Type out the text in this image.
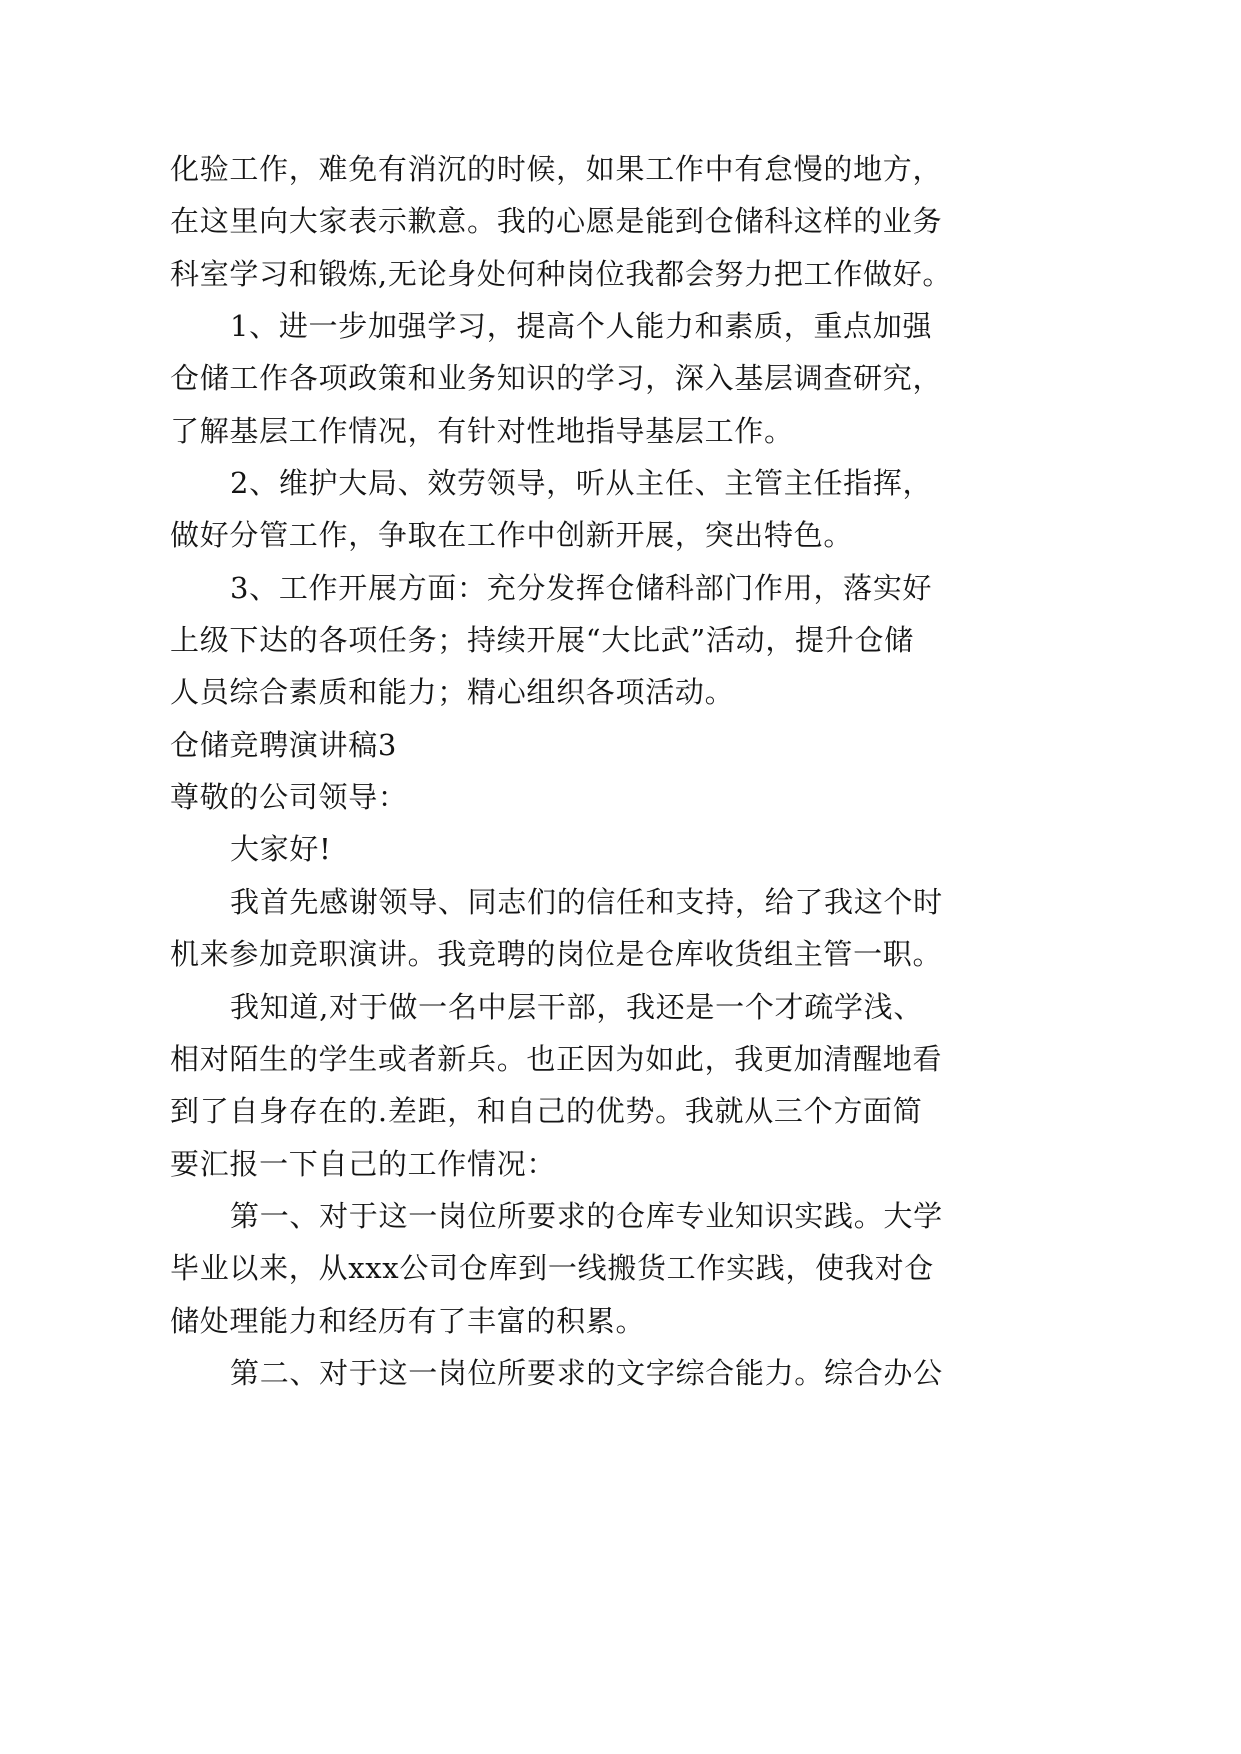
化验工作，难免有消沉的时候，如果工作中有怠慢的地方，
在这里向大家表示歉意。我的心愿是能到仓储科这样的业务
科室学习和锻炼,无论身处何种岗位我都会努力把工作做好。
1、进一步加强学习，提高个人能力和素质，重点加强
仓储工作各项政策和业务知识的学习，深入基层调查研究，
了解基层工作情况，有针对性地指导基层工作。
2、维护大局、效劳领导，听从主任、主管主任指挥，
做好分管工作，争取在工作中创新开展，突出特色。
3、工作开展方面：充分发挥仓储科部门作用，落实好
上级下达的各项任务；持续开展“大比武”活动，提升仓储
人员综合素质和能力；精心组织各项活动。
仓储竞聘演讲稿3
尊敬的公司领导：
大家好!
我首先感谢领导、同志们的信任和支持，给了我这个时
机来参加竞职演讲。我竞聘的岗位是仓库收货组主管一职。
我知道,对于做一名中层干部，我还是一个才疏学浅、
相对陌生的学生或者新兵。也正因为如此，我更加清醒地看
到了自身存在的.差距，和自己的优势。我就从三个方面简
要汇报一下自己的工作情况：
第一、对于这一岗位所要求的仓库专业知识实践。大学
毕业以来，从xxx公司仓库到一线搬货工作实践，使我对仓
储处理能力和经历有了丰富的积累。
第二、对于这一岗位所要求的文字综合能力。综合办公
